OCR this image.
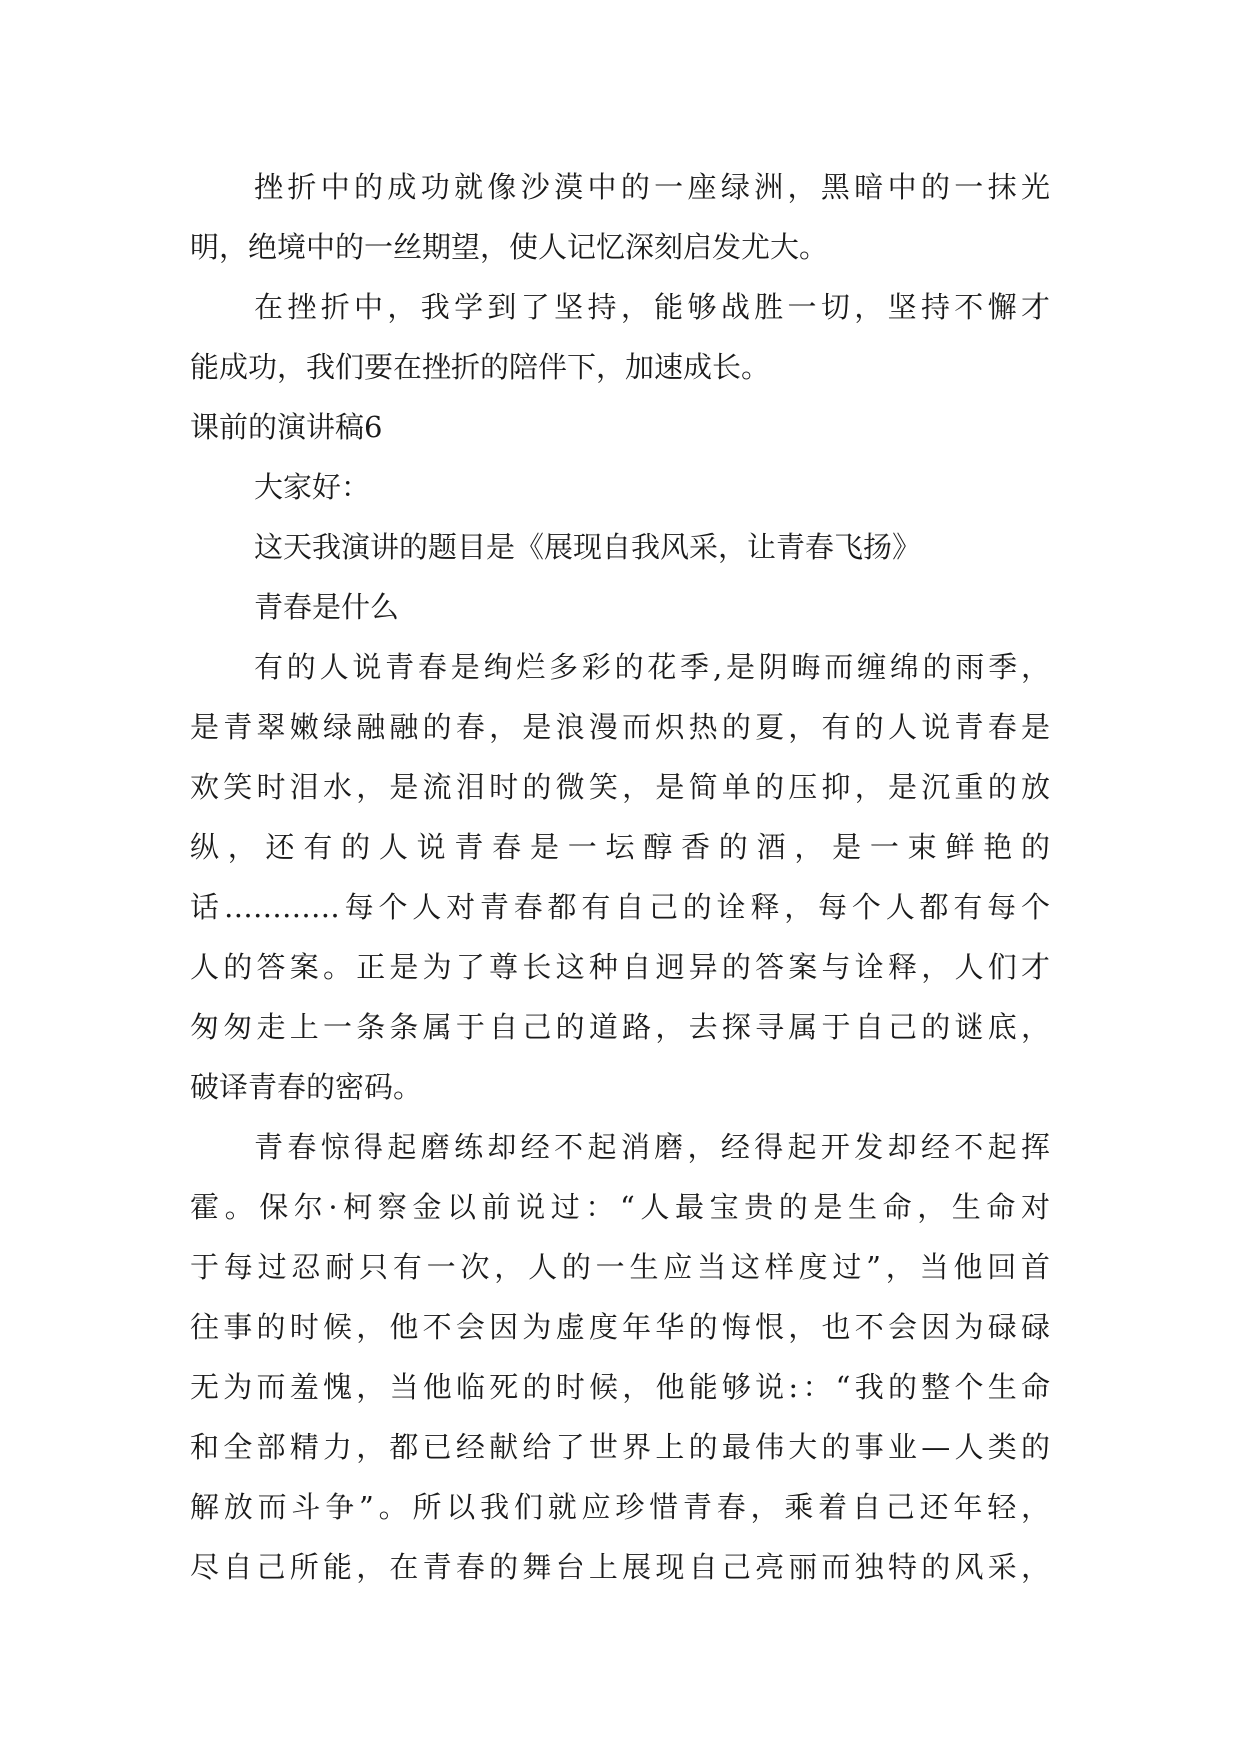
挫折中的成功就像沙漠中的一座绿洲，黑暗中的一抹光
明，绝境中的一丝期望，使人记忆深刻启发尤大。
在挫折中，我学到了坚持，能够战胜一切，坚持不懈才
能成功，我们要在挫折的陪伴下，加速成长。
课前的演讲稿6
大家好：
这天我演讲的题目是《展现自我风采，让青春飞扬》
青春是什么
有的人说青春是绚烂多彩的花季,是阴晦而缠绵的雨季，
是青翠嫩绿融融的春，是浪漫而炽热的夏，有的人说青春是
欢笑时泪水，是流泪时的微笑，是简单的压抑，是沉重的放
纵，还有的人说青春是一坛醇香的酒，是一束鲜艳的
话…………每个人对青春都有自己的诠释，每个人都有每个
人的答案。正是为了尊长这种自迥异的答案与诠释，人们才
匆匆走上一条条属于自己的道路，去探寻属于自己的谜底，
破译青春的密码。
青春惊得起磨练却经不起消磨，经得起开发却经不起挥
霍。保尔·柯察金以前说过：“人最宝贵的是生命，生命对
于每过忍耐只有一次，人的一生应当这样度过”，当他回首
往事的时候，他不会因为虚度年华的悔恨，也不会因为碌碌
无为而羞愧，当他临死的时候，他能够说:：“我的整个生命
和全部精力，都已经献给了世界上的最伟大的事业—人类的
解放而斗争”。所以我们就应珍惜青春，乘着自己还年轻，
尽自己所能，在青春的舞台上展现自己亮丽而独特的风采，
